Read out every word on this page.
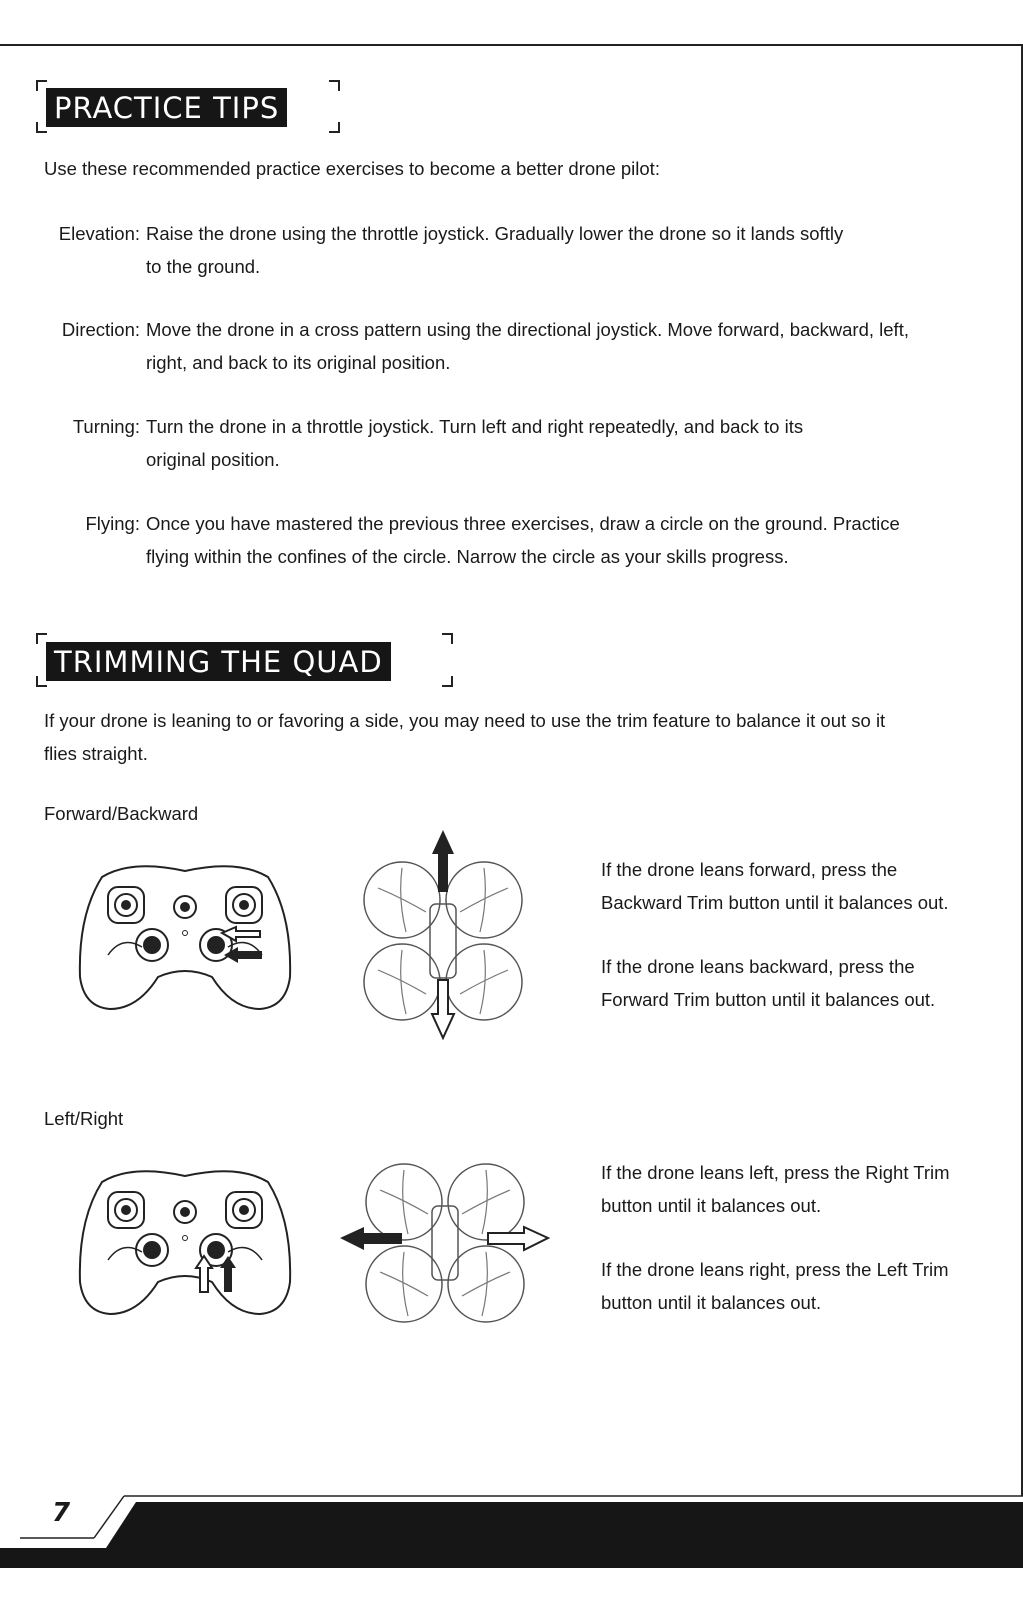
PRACTICE TIPS
Use these recommended practice exercises to become a better drone pilot:
Elevation: Raise the drone using the throttle joystick. Gradually lower the drone so it lands softly
to the ground.
Direction: Move the drone in a cross pattern using the directional joystick. Move forward, backward, left,
right, and back to its original position.
Turning: Turn the drone in a throttle joystick. Turn left and right repeatedly, and back to its
original position.
Flying: Once you have mastered the previous three exercises, draw a circle on the ground. Practice
flying within the confines of the circle. Narrow the circle as your skills progress.
TRIMMING THE QUAD
If your drone is leaning to or favoring a side, you may need to use the trim feature to balance it out so it
flies straight.
Forward/Backward
If the drone leans forward, press the
Backward Trim button until it balances out.
If the drone leans backward, press the
Forward Trim button until it balances out.
Left/Right
If the drone leans left, press the Right Trim
button until it balances out.
If the drone leans right, press the Left Trim
button until it balances out.
7
